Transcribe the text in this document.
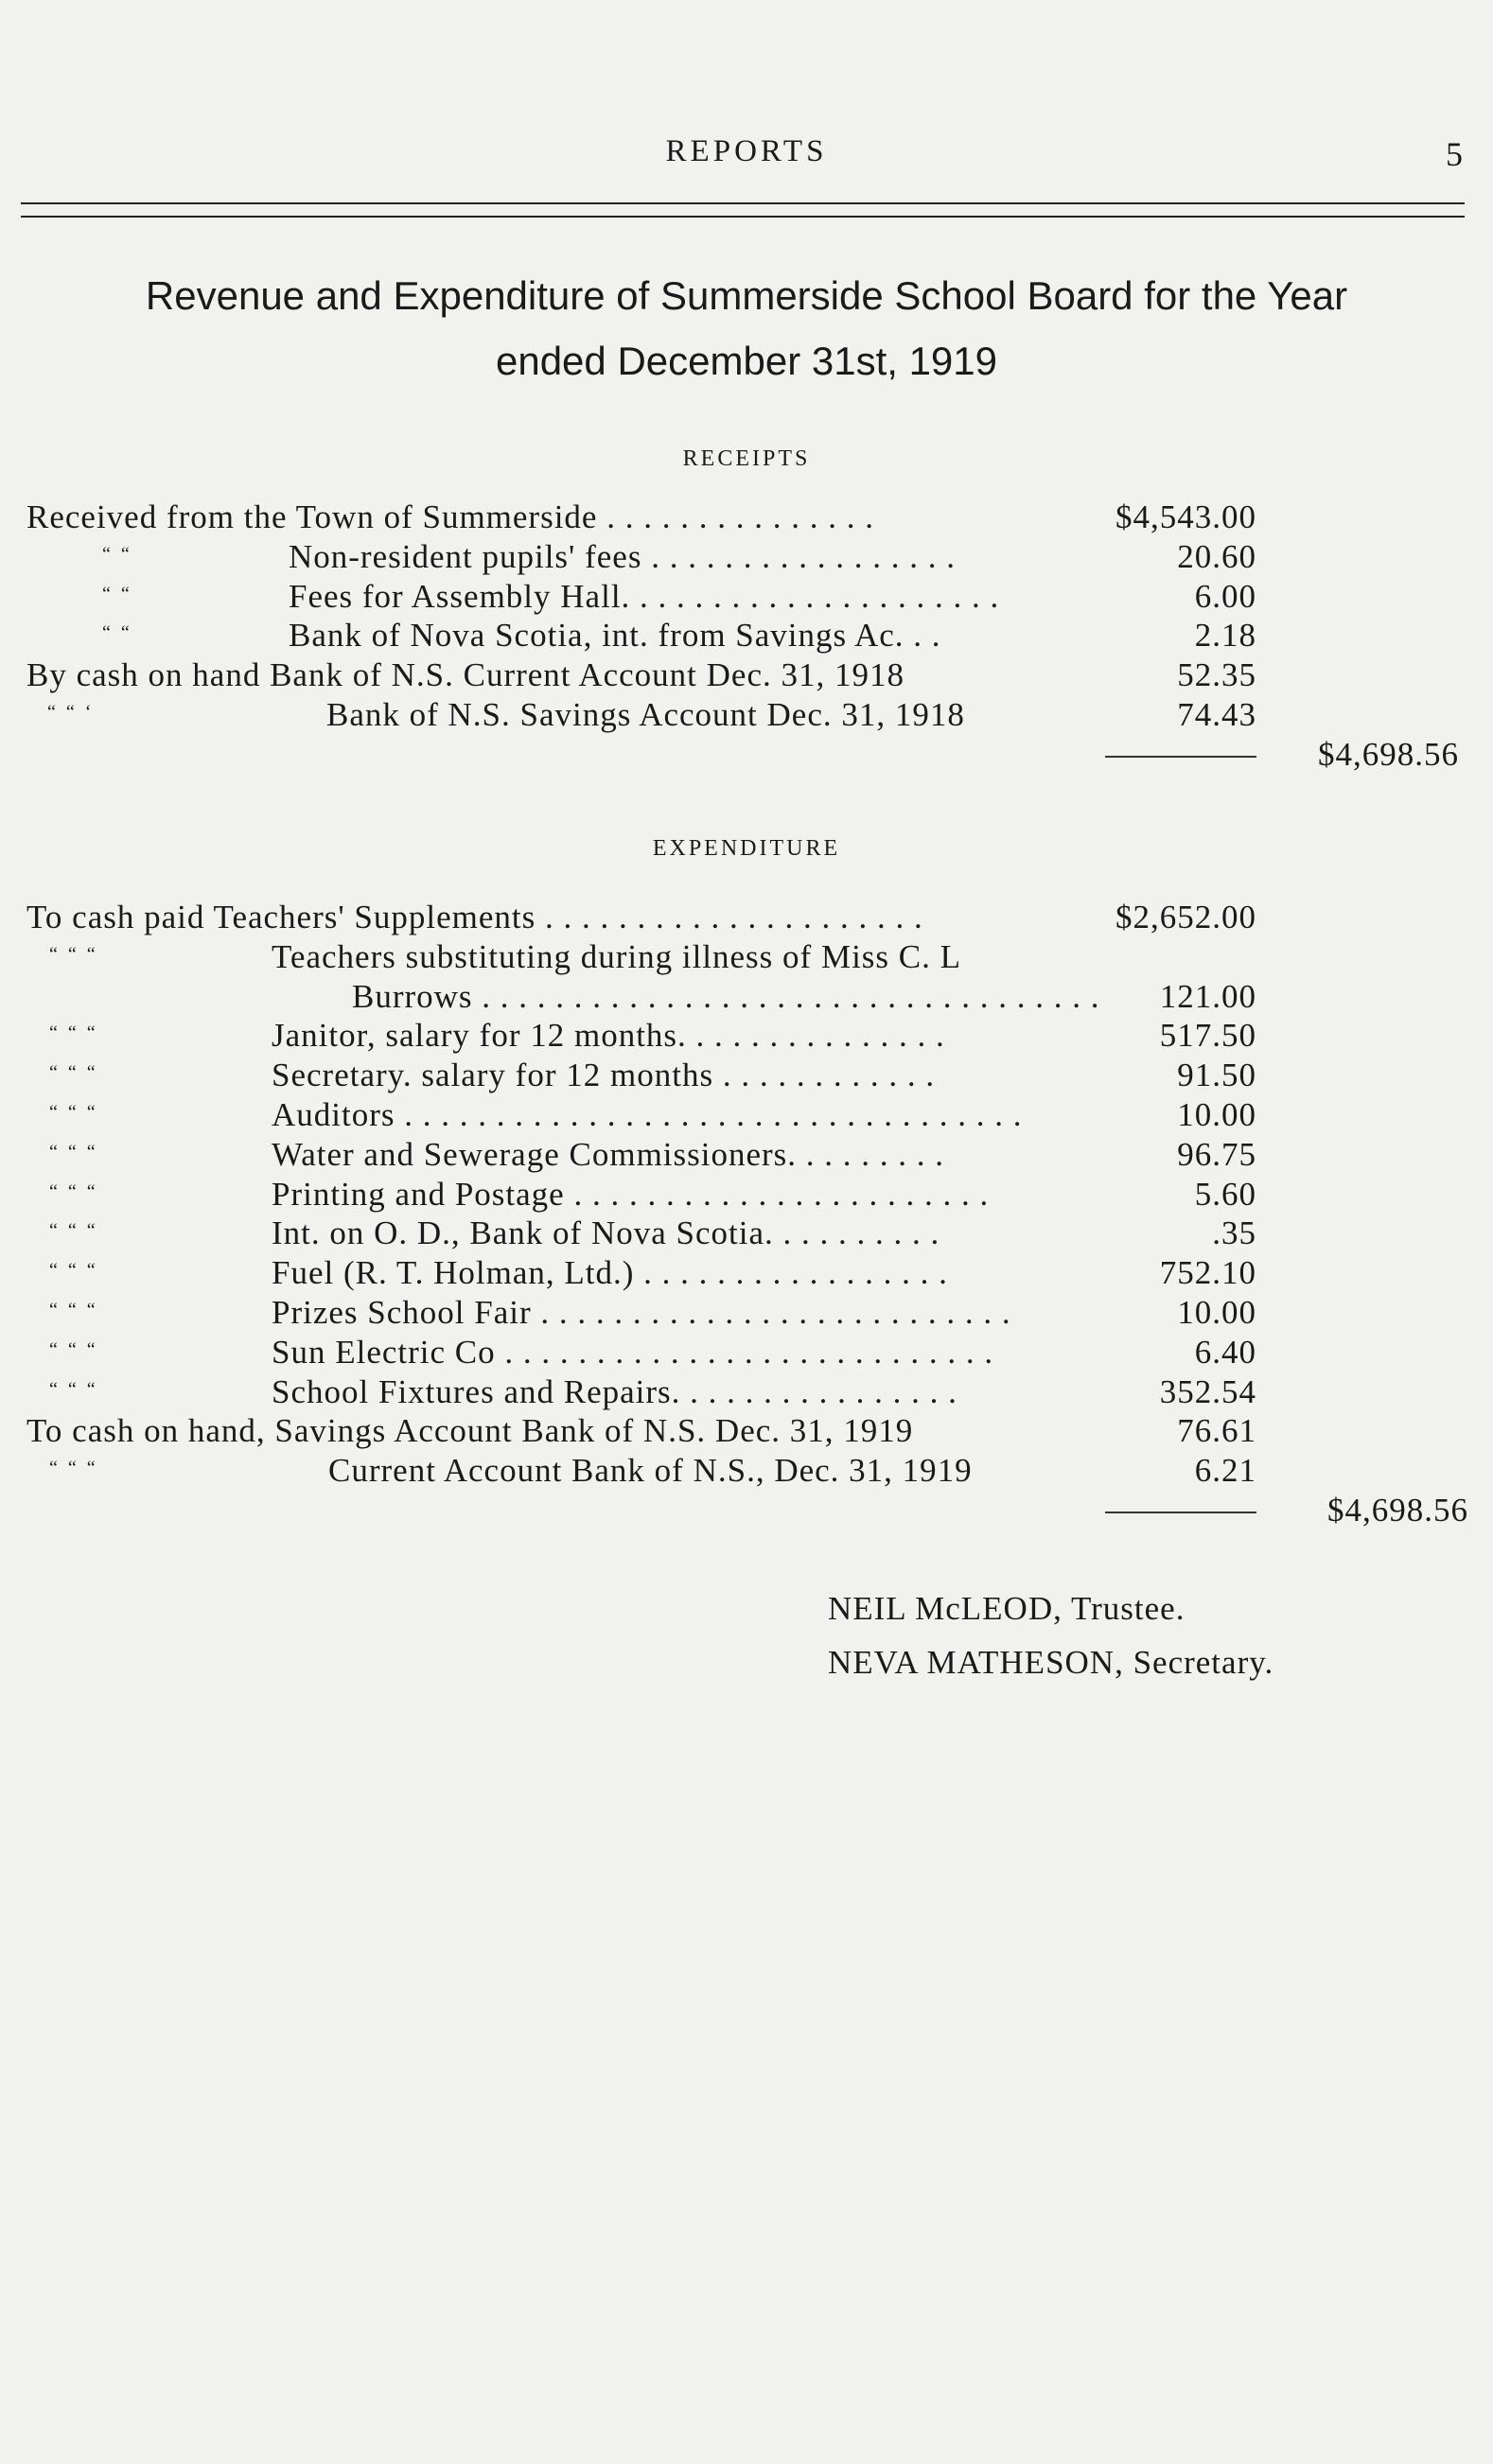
REPORTS	5
Revenue and Expenditure of Summerside School Board for the Year
ended December 31st, 1919
RECEIPTS
Received from the Town of Summerside . . . . . . . . . . . . . . .	$4,543.00
“ “	Non-resident pupils' fees . . . . . . . . . . . . . . . . .	20.60
“ “	Fees for Assembly Hall. . . . . . . . . . . . . . . . . . . . .	6.00
“ “	Bank of Nova Scotia, int. from Savings Ac. . .	2.18
By cash on hand Bank of N.S. Current Account Dec. 31, 1918	52.35
“ “ ‘	Bank of N.S. Savings Account Dec. 31, 1918	74.43
$4,698.56
EXPENDITURE
To cash paid Teachers' Supplements . . . . . . . . . . . . . . . . . . . . .	$2,652.00
“ “ “	Teachers substituting during illness of Miss C. L
Burrows . . . . . . . . . . . . . . . . . . . . . . . . . . . . . . . . . .	121.00
“ “ “	Janitor, salary for 12 months. . . . . . . . . . . . . . .	517.50
“ “ “	Secretary. salary for 12 months . . . . . . . . . . . .	91.50
“ “ “	Auditors . . . . . . . . . . . . . . . . . . . . . . . . . . . . . . . . . .	10.00
“ “ “	Water and Sewerage Commissioners. . . . . . . . .	96.75
“ “ “	Printing and Postage . . . . . . . . . . . . . . . . . . . . . . .	5.60
“ “ “	Int. on O. D., Bank of Nova Scotia. . . . . . . . . .	.35
“ “ “	Fuel (R. T. Holman, Ltd.) . . . . . . . . . . . . . . . . .	752.10
“ “ “	Prizes School Fair . . . . . . . . . . . . . . . . . . . . . . . . . .	10.00
“ “ “	Sun Electric Co . . . . . . . . . . . . . . . . . . . . . . . . . . .	6.40
“ “ “	School Fixtures and Repairs. . . . . . . . . . . . . . . .	352.54
To cash on hand, Savings Account Bank of N.S. Dec. 31, 1919	76.61
“ “ “	Current Account Bank of N.S., Dec. 31, 1919	6.21
$4,698.56
NEIL McLEOD, Trustee.
NEVA MATHESON, Secretary.
